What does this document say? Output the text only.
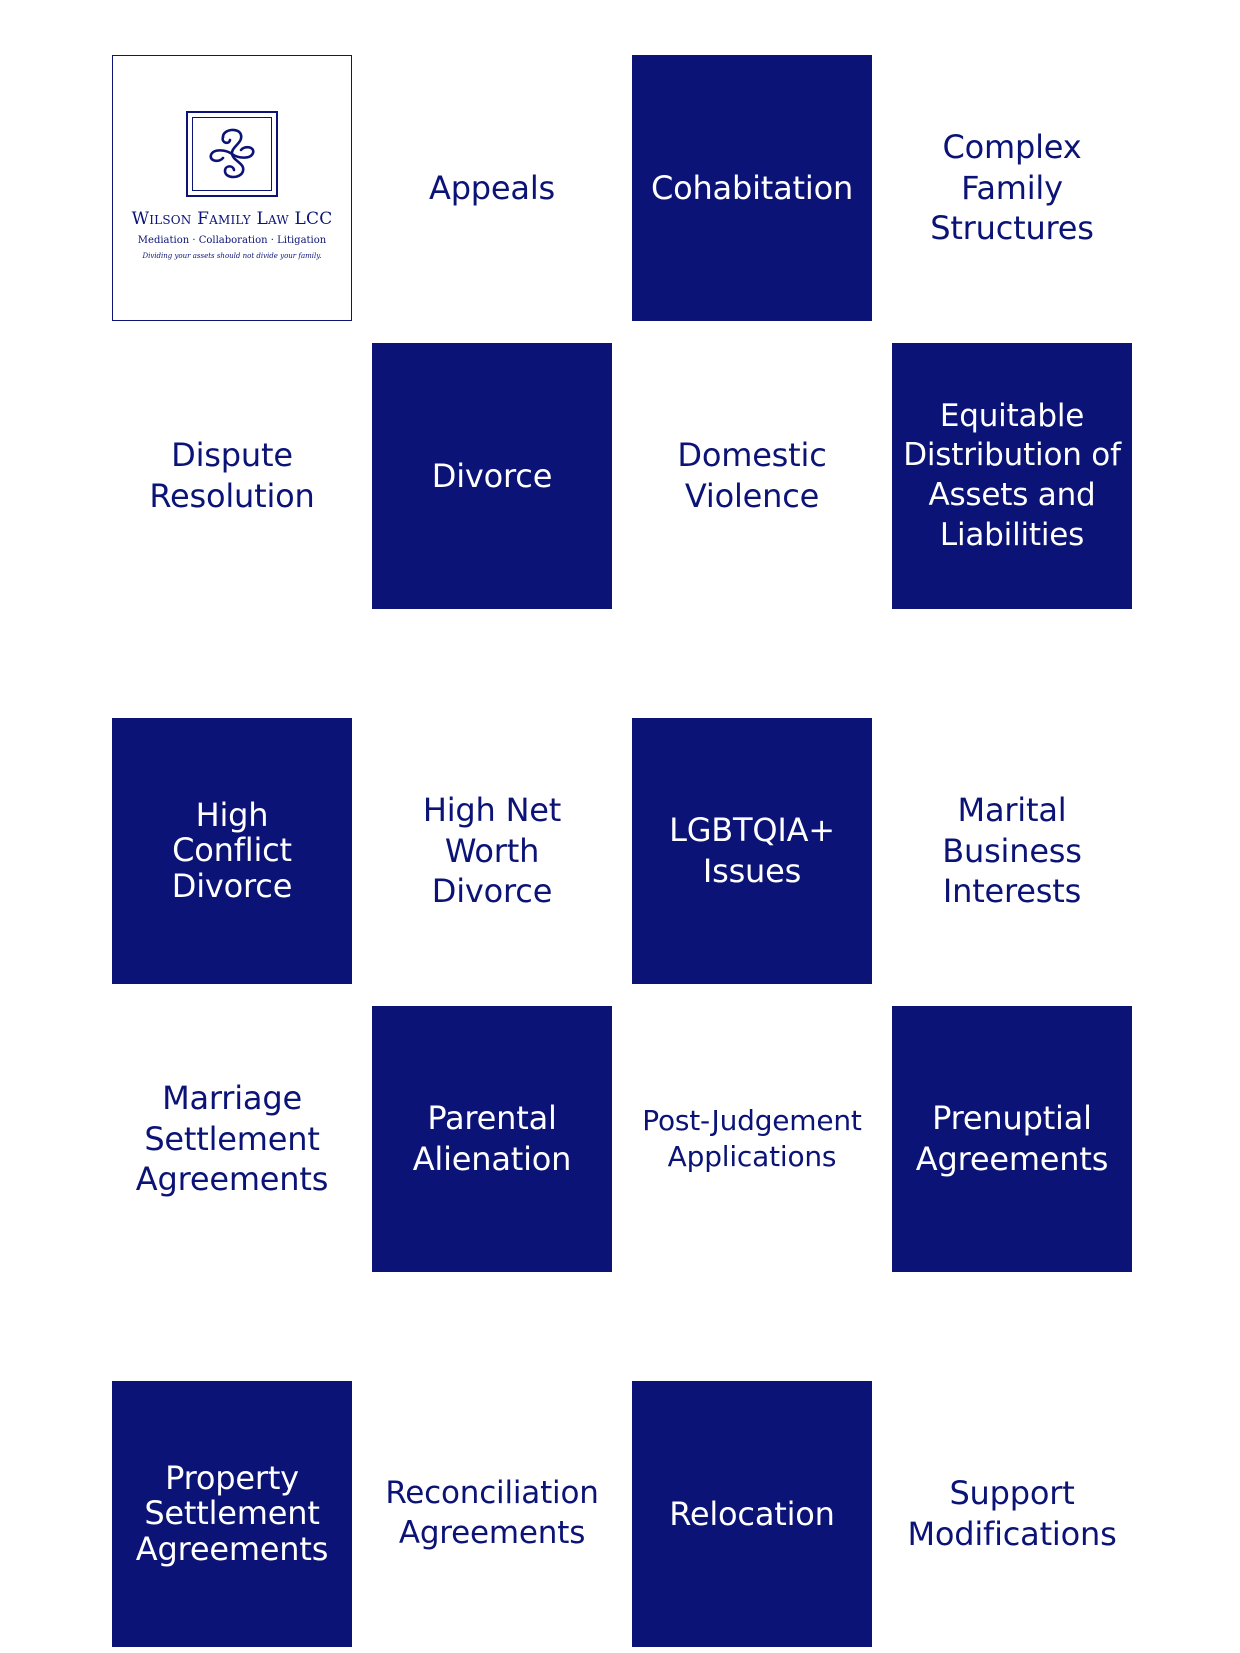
Wilson Family Law LCC
Mediation · Collaboration · Litigation
Dividing your assets should not divide your family.
Appeals	Cohabitation
Complex
Family
Structures
Dispute
Resolution
Divorce
Domestic
Violence
Equitable
Distribution of
Assets and
Liabilities
High
Conflict
Divorce
High Net
Worth Divorce
LGBTQIA+
Issues
Marital
Business
Interests
Marriage
Settlement
Agreements
Parental
Alienation
Post-Judgement
Applications
Prenuptial
Agreements
Property
Settlement
Agreements
Reconciliation
Agreements
Relocation
Support
Modifications
